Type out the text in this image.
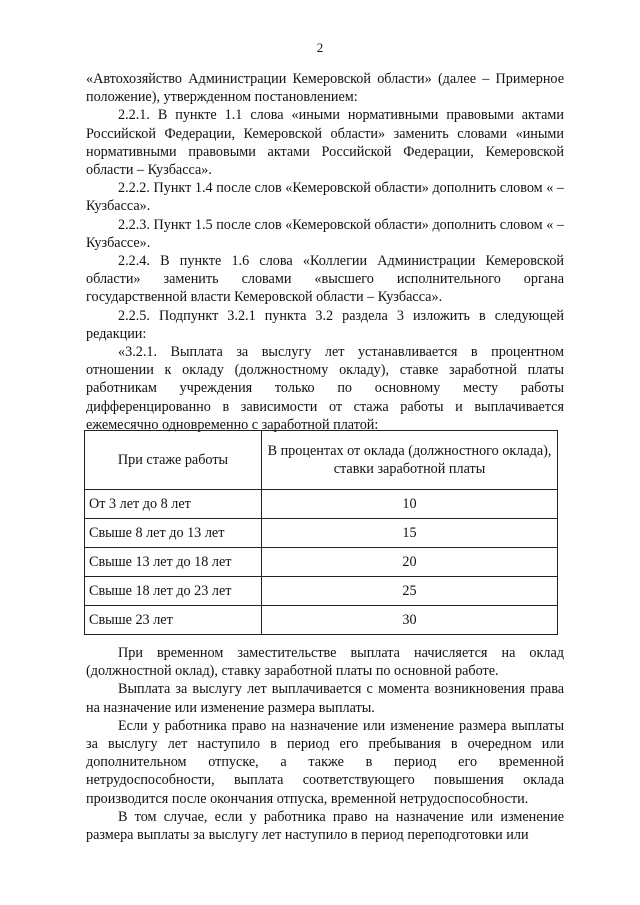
2

«Автохозяйство Администрации Кемеровской области» (далее – Примерное положение), утвержденном постановлением:

2.2.1. В пункте 1.1 слова «иными нормативными правовыми актами Российской Федерации, Кемеровской области» заменить словами «иными нормативными правовыми актами Российской Федерации, Кемеровской области – Кузбасса».

2.2.2. Пункт 1.4 после слов «Кемеровской области» дополнить словом « – Кузбасса».

2.2.3. Пункт 1.5 после слов «Кемеровской области» дополнить словом « – Кузбассе».

2.2.4. В пункте 1.6 слова «Коллегии Администрации Кемеровской области» заменить словами «высшего исполнительного органа государственной власти Кемеровской области – Кузбасса».

2.2.5. Подпункт 3.2.1 пункта 3.2 раздела 3 изложить в следующей редакции:

«3.2.1. Выплата за выслугу лет устанавливается в процентном отношении к окладу (должностному окладу), ставке заработной платы работникам учреждения только по основному месту работы дифференцированно в зависимости от стажа работы и выплачивается ежемесячно одновременно с заработной платой:

При стаже работы	В процентах от оклада (должностного оклада), ставки заработной платы
От 3 лет до 8 лет	10
Свыше 8 лет до 13 лет	15
Свыше 13 лет до 18 лет	20
Свыше 18 лет до 23 лет	25
Свыше 23 лет	30

При временном заместительстве выплата начисляется на оклад (должностной оклад), ставку заработной платы по основной работе.

Выплата за выслугу лет выплачивается с момента возникновения права на назначение или изменение размера выплаты.

Если у работника право на назначение или изменение размера выплаты за выслугу лет наступило в период его пребывания в очередном или дополнительном отпуске, а также в период его временной нетрудоспособности, выплата соответствующего повышения оклада производится после окончания отпуска, временной нетрудоспособности.

В том случае, если у работника право на назначение или изменение размера выплаты за выслугу лет наступило в период переподготовки или
